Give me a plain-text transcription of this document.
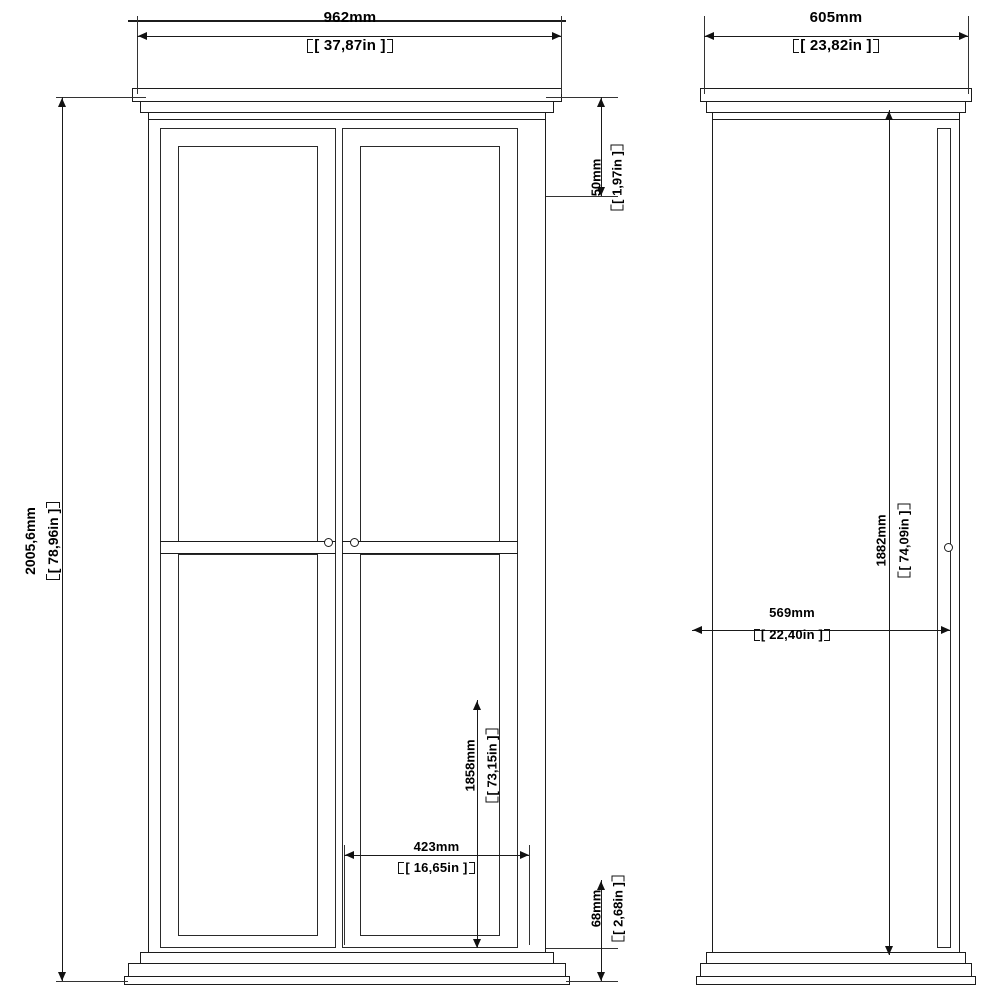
962mm
[ 37,87in ]
2005,6mm [ 78,96in ]
50mm [ 1,97in ]
1858mm [ 73,15in ]
423mm
[ 16,65in ]
68mm [ 2,68in ]
605mm
[ 23,82in ]
1882mm [ 74,09in ]
569mm
[ 22,40in ]
